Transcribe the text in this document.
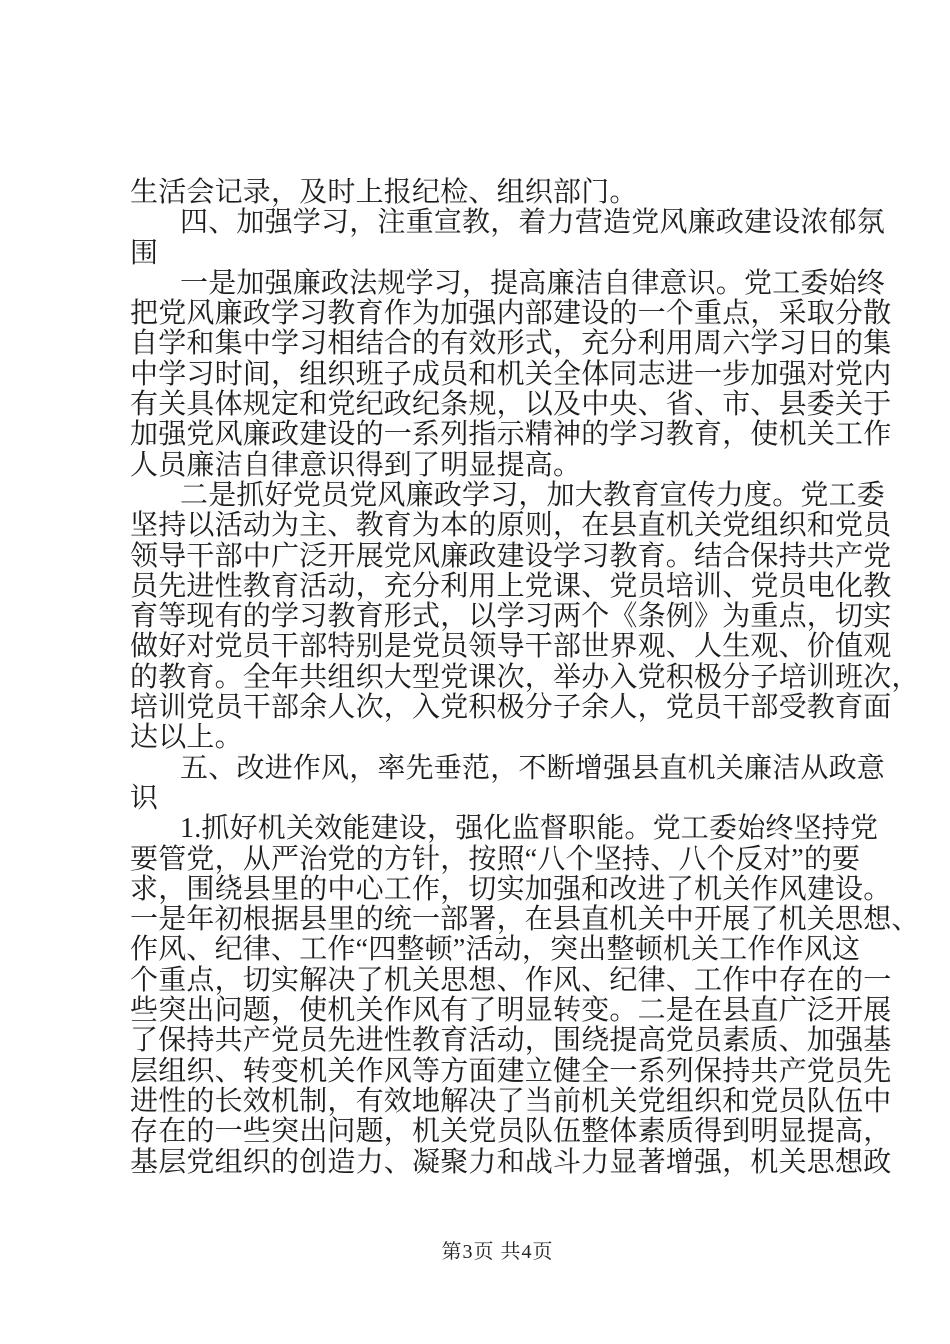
生活会记录，及时上报纪检、组织部门。
四、加强学习，注重宣教，着力营造党风廉政建设浓郁氛
围
一是加强廉政法规学习，提高廉洁自律意识。党工委始终
把党风廉政学习教育作为加强内部建设的一个重点，采取分散
自学和集中学习相结合的有效形式，充分利用周六学习日的集
中学习时间，组织班子成员和机关全体同志进一步加强对党内
有关具体规定和党纪政纪条规，以及中央、省、市、县委关于
加强党风廉政建设的一系列指示精神的学习教育，使机关工作
人员廉洁自律意识得到了明显提高。
二是抓好党员党风廉政学习，加大教育宣传力度。党工委
坚持以活动为主、教育为本的原则，在县直机关党组织和党员
领导干部中广泛开展党风廉政建设学习教育。结合保持共产党
员先进性教育活动，充分利用上党课、党员培训、党员电化教
育等现有的学习教育形式，以学习两个《条例》为重点，切实
做好对党员干部特别是党员领导干部世界观、人生观、价值观
的教育。全年共组织大型党课次，举办入党积极分子培训班次，
培训党员干部余人次，入党积极分子余人，党员干部受教育面
达以上。
五、改进作风，率先垂范，不断增强县直机关廉洁从政意
识
1.抓好机关效能建设，强化监督职能。党工委始终坚持党
要管党，从严治党的方针，按照“八个坚持、八个反对”的要
求，围绕县里的中心工作，切实加强和改进了机关作风建设。
一是年初根据县里的统一部署，在县直机关中开展了机关思想、
作风、纪律、工作“四整顿”活动，突出整顿机关工作作风这
个重点，切实解决了机关思想、作风、纪律、工作中存在的一
些突出问题，使机关作风有了明显转变。二是在县直广泛开展
了保持共产党员先进性教育活动，围绕提高党员素质、加强基
层组织、转变机关作风等方面建立健全一系列保持共产党员先
进性的长效机制，有效地解决了当前机关党组织和党员队伍中
存在的一些突出问题，机关党员队伍整体素质得到明显提高，
基层党组织的创造力、凝聚力和战斗力显著增强，机关思想政
第3页 共4页
